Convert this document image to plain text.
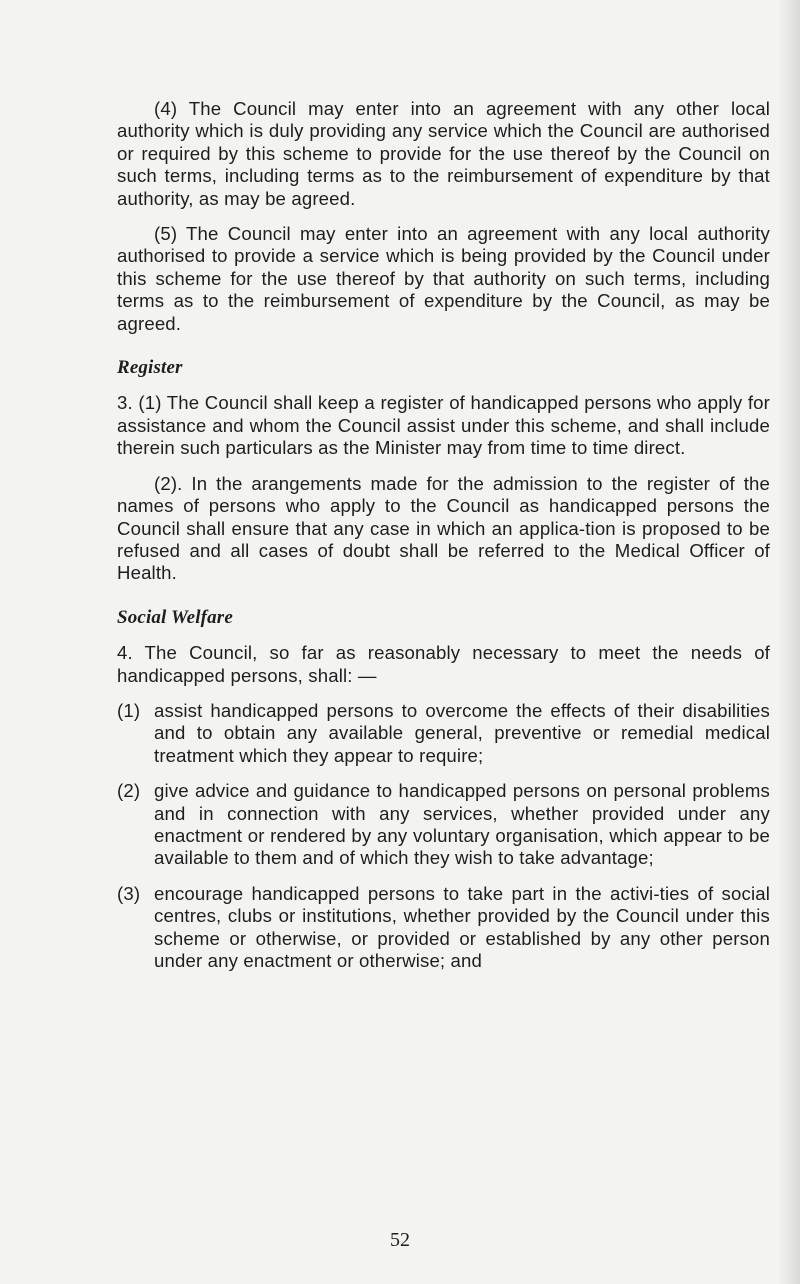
(4) The Council may enter into an agreement with any other local authority which is duly providing any service which the Council are authorised or required by this scheme to provide for the use thereof by the Council on such terms, including terms as to the reimbursement of expenditure by that authority, as may be agreed.

(5) The Council may enter into an agreement with any local authority authorised to provide a service which is being provided by the Council under this scheme for the use thereof by that authority on such terms, including terms as to the reimbursement of expenditure by the Council, as may be agreed.

Register

3. (1) The Council shall keep a register of handicapped persons who apply for assistance and whom the Council assist under this scheme, and shall include therein such particulars as the Minister may from time to time direct.

(2). In the arangements made for the admission to the register of the names of persons who apply to the Council as handicapped persons the Council shall ensure that any case in which an applica-tion is proposed to be refused and all cases of doubt shall be referred to the Medical Officer of Health.

Social Welfare

4. The Council, so far as reasonably necessary to meet the needs of handicapped persons, shall: —

(1) assist handicapped persons to overcome the effects of their disabilities and to obtain any available general, preventive or remedial medical treatment which they appear to require;
(2) give advice and guidance to handicapped persons on personal problems and in connection with any services, whether provided under any enactment or rendered by any voluntary organisation, which appear to be available to them and of which they wish to take advantage;
(3) encourage handicapped persons to take part in the activi-ties of social centres, clubs or institutions, whether provided by the Council under this scheme or otherwise, or provided or established by any other person under any enactment or otherwise; and
52
